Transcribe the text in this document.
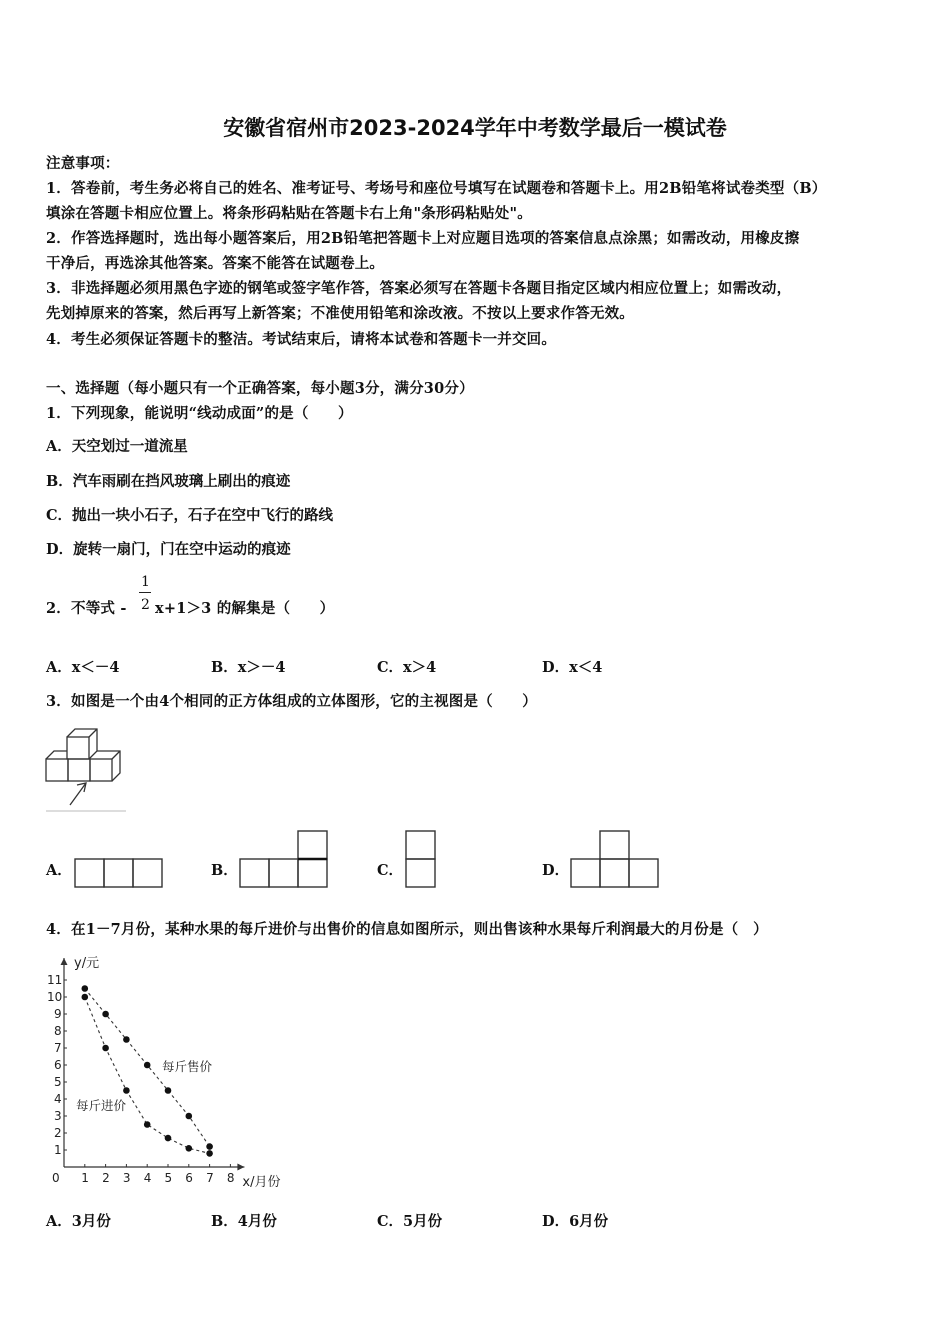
安徽省宿州市2023-2024学年中考数学最后一模试卷
注意事项：
1．答卷前，考生务必将自己的姓名、准考证号、考场号和座位号填写在试题卷和答题卡上。用2B铅笔将试卷类型（B）
填涂在答题卡相应位置上。将条形码粘贴在答题卡右上角"条形码粘贴处"。
2．作答选择题时，选出每小题答案后，用2B铅笔把答题卡上对应题目选项的答案信息点涂黑；如需改动，用橡皮擦
干净后，再选涂其他答案。答案不能答在试题卷上。
3．非选择题必须用黑色字迹的钢笔或签字笔作答，答案必须写在答题卡各题目指定区域内相应位置上；如需改动，
先划掉原来的答案，然后再写上新答案；不准使用铅笔和涂改液。不按以上要求作答无效。
4．考生必须保证答题卡的整洁。考试结束后，请将本试卷和答题卡一并交回。
一、选择题（每小题只有一个正确答案，每小题3分，满分30分）
1．下列现象，能说明“线动成面”的是（　　）
A．天空划过一道流星
B．汽车雨刷在挡风玻璃上刷出的痕迹
C．抛出一块小石子，石子在空中飞行的路线
D．旋转一扇门，门在空中运动的痕迹
2．不等式 -
1
2 x+1＞3 的解集是（　　）
A．x＜－4	B．x＞－4	C．x＞4	D．x＜4
3．如图是一个由4个相同的正方体组成的立体图形，它的主视图是（　　）
A．	B．	C．	D．
4．在1－7月份，某种水果的每斤进价与出售价的信息如图所示，则出售该种水果每斤利润最大的月份是（　）
0 1 2 3 4 5 6 7 8
1
2
3
4
5
6
7
8
9
10
11
y/元
x/月份
每斤售价
每斤进价
A．3月份	B．4月份	C．5月份	D．6月份
